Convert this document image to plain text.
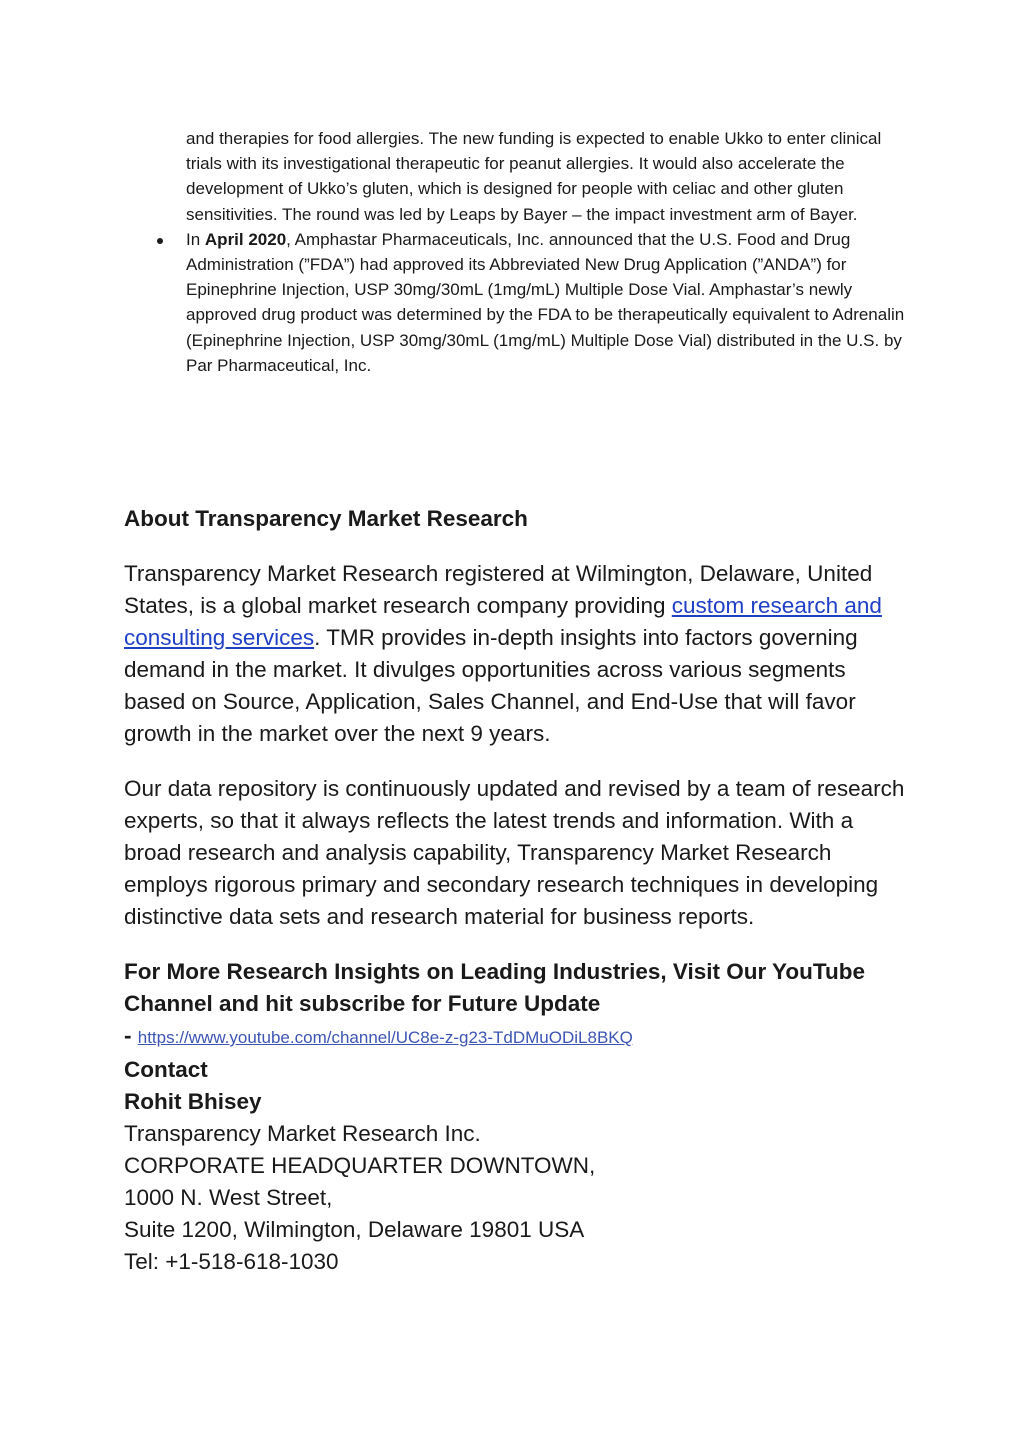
and therapies for food allergies. The new funding is expected to enable Ukko to enter clinical trials with its investigational therapeutic for peanut allergies. It would also accelerate the development of Ukko’s gluten, which is designed for people with celiac and other gluten sensitivities. The round was led by Leaps by Bayer – the impact investment arm of Bayer.

In April 2020, Amphastar Pharmaceuticals, Inc. announced that the U.S. Food and Drug Administration (”FDA”) had approved its Abbreviated New Drug Application (”ANDA”) for Epinephrine Injection, USP 30mg/30mL (1mg/mL) Multiple Dose Vial. Amphastar’s newly approved drug product was determined by the FDA to be therapeutically equivalent to Adrenalin (Epinephrine Injection, USP 30mg/30mL (1mg/mL) Multiple Dose Vial) distributed in the U.S. by Par Pharmaceutical, Inc.

About Transparency Market Research

Transparency Market Research registered at Wilmington, Delaware, United States, is a global market research company providing custom research and consulting services. TMR provides in-depth insights into factors governing demand in the market. It divulges opportunities across various segments based on Source, Application, Sales Channel, and End-Use that will favor growth in the market over the next 9 years.

Our data repository is continuously updated and revised by a team of research experts, so that it always reflects the latest trends and information. With a broad research and analysis capability, Transparency Market Research employs rigorous primary and secondary research techniques in developing distinctive data sets and research material for business reports.

For More Research Insights on Leading Industries, Visit Our YouTube Channel and hit subscribe for Future Update

- https://www.youtube.com/channel/UC8e-z-g23-TdDMuODiL8BKQ

Contact

Rohit Bhisey

Transparency Market Research Inc.

CORPORATE HEADQUARTER DOWNTOWN,

1000 N. West Street,

Suite 1200, Wilmington, Delaware 19801 USA

Tel: +1-518-618-1030
